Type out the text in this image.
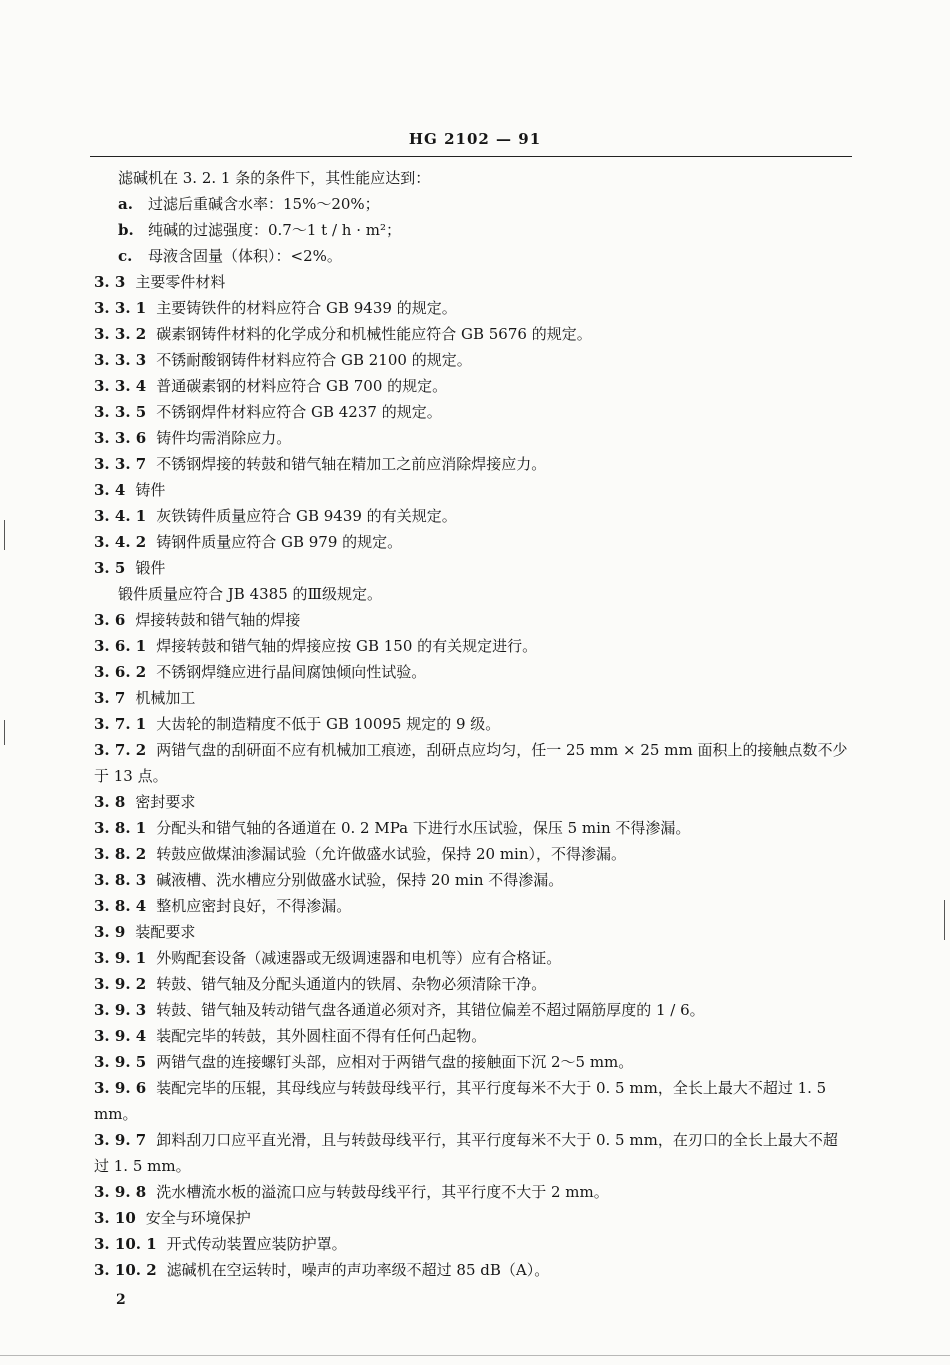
HG 2102 — 91
滤碱机在 3. 2. 1 条的条件下，其性能应达到：
a. 过滤后重碱含水率：15%～20%；
b. 纯碱的过滤强度：0.7～1 t / h · m²；
c. 母液含固量（体积）：<2%。
3. 3 主要零件材料
3. 3. 1 主要铸铁件的材料应符合 GB 9439 的规定。
3. 3. 2 碳素钢铸件材料的化学成分和机械性能应符合 GB 5676 的规定。
3. 3. 3 不锈耐酸钢铸件材料应符合 GB 2100 的规定。
3. 3. 4 普通碳素钢的材料应符合 GB 700 的规定。
3. 3. 5 不锈钢焊件材料应符合 GB 4237 的规定。
3. 3. 6 铸件均需消除应力。
3. 3. 7 不锈钢焊接的转鼓和错气轴在精加工之前应消除焊接应力。
3. 4 铸件
3. 4. 1 灰铁铸件质量应符合 GB 9439 的有关规定。
3. 4. 2 铸钢件质量应符合 GB 979 的规定。
3. 5 锻件
锻件质量应符合 JB 4385 的Ⅲ级规定。
3. 6 焊接转鼓和错气轴的焊接
3. 6. 1 焊接转鼓和错气轴的焊接应按 GB 150 的有关规定进行。
3. 6. 2 不锈钢焊缝应进行晶间腐蚀倾向性试验。
3. 7 机械加工
3. 7. 1 大齿轮的制造精度不低于 GB 10095 规定的 9 级。
3. 7. 2 两错气盘的刮研面不应有机械加工痕迹，刮研点应均匀，任一 25 mm × 25 mm 面积上的接触点数不少于 13 点。
3. 8 密封要求
3. 8. 1 分配头和错气轴的各通道在 0. 2 MPa 下进行水压试验，保压 5 min 不得渗漏。
3. 8. 2 转鼓应做煤油渗漏试验（允许做盛水试验，保持 20 min），不得渗漏。
3. 8. 3 碱液槽、洗水槽应分别做盛水试验，保持 20 min 不得渗漏。
3. 8. 4 整机应密封良好，不得渗漏。
3. 9 装配要求
3. 9. 1 外购配套设备（减速器或无级调速器和电机等）应有合格证。
3. 9. 2 转鼓、错气轴及分配头通道内的铁屑、杂物必须清除干净。
3. 9. 3 转鼓、错气轴及转动错气盘各通道必须对齐，其错位偏差不超过隔筋厚度的 1 / 6。
3. 9. 4 装配完毕的转鼓，其外圆柱面不得有任何凸起物。
3. 9. 5 两错气盘的连接螺钉头部，应相对于两错气盘的接触面下沉 2～5 mm。
3. 9. 6 装配完毕的压辊，其母线应与转鼓母线平行，其平行度每米不大于 0. 5 mm，全长上最大不超过 1. 5 mm。
3. 9. 7 卸料刮刀口应平直光滑，且与转鼓母线平行，其平行度每米不大于 0. 5 mm，在刃口的全长上最大不超过 1. 5 mm。
3. 9. 8 洗水槽流水板的溢流口应与转鼓母线平行，其平行度不大于 2 mm。
3. 10 安全与环境保护
3. 10. 1 开式传动装置应装防护罩。
3. 10. 2 滤碱机在空运转时，噪声的声功率级不超过 85 dB（A）。
2
